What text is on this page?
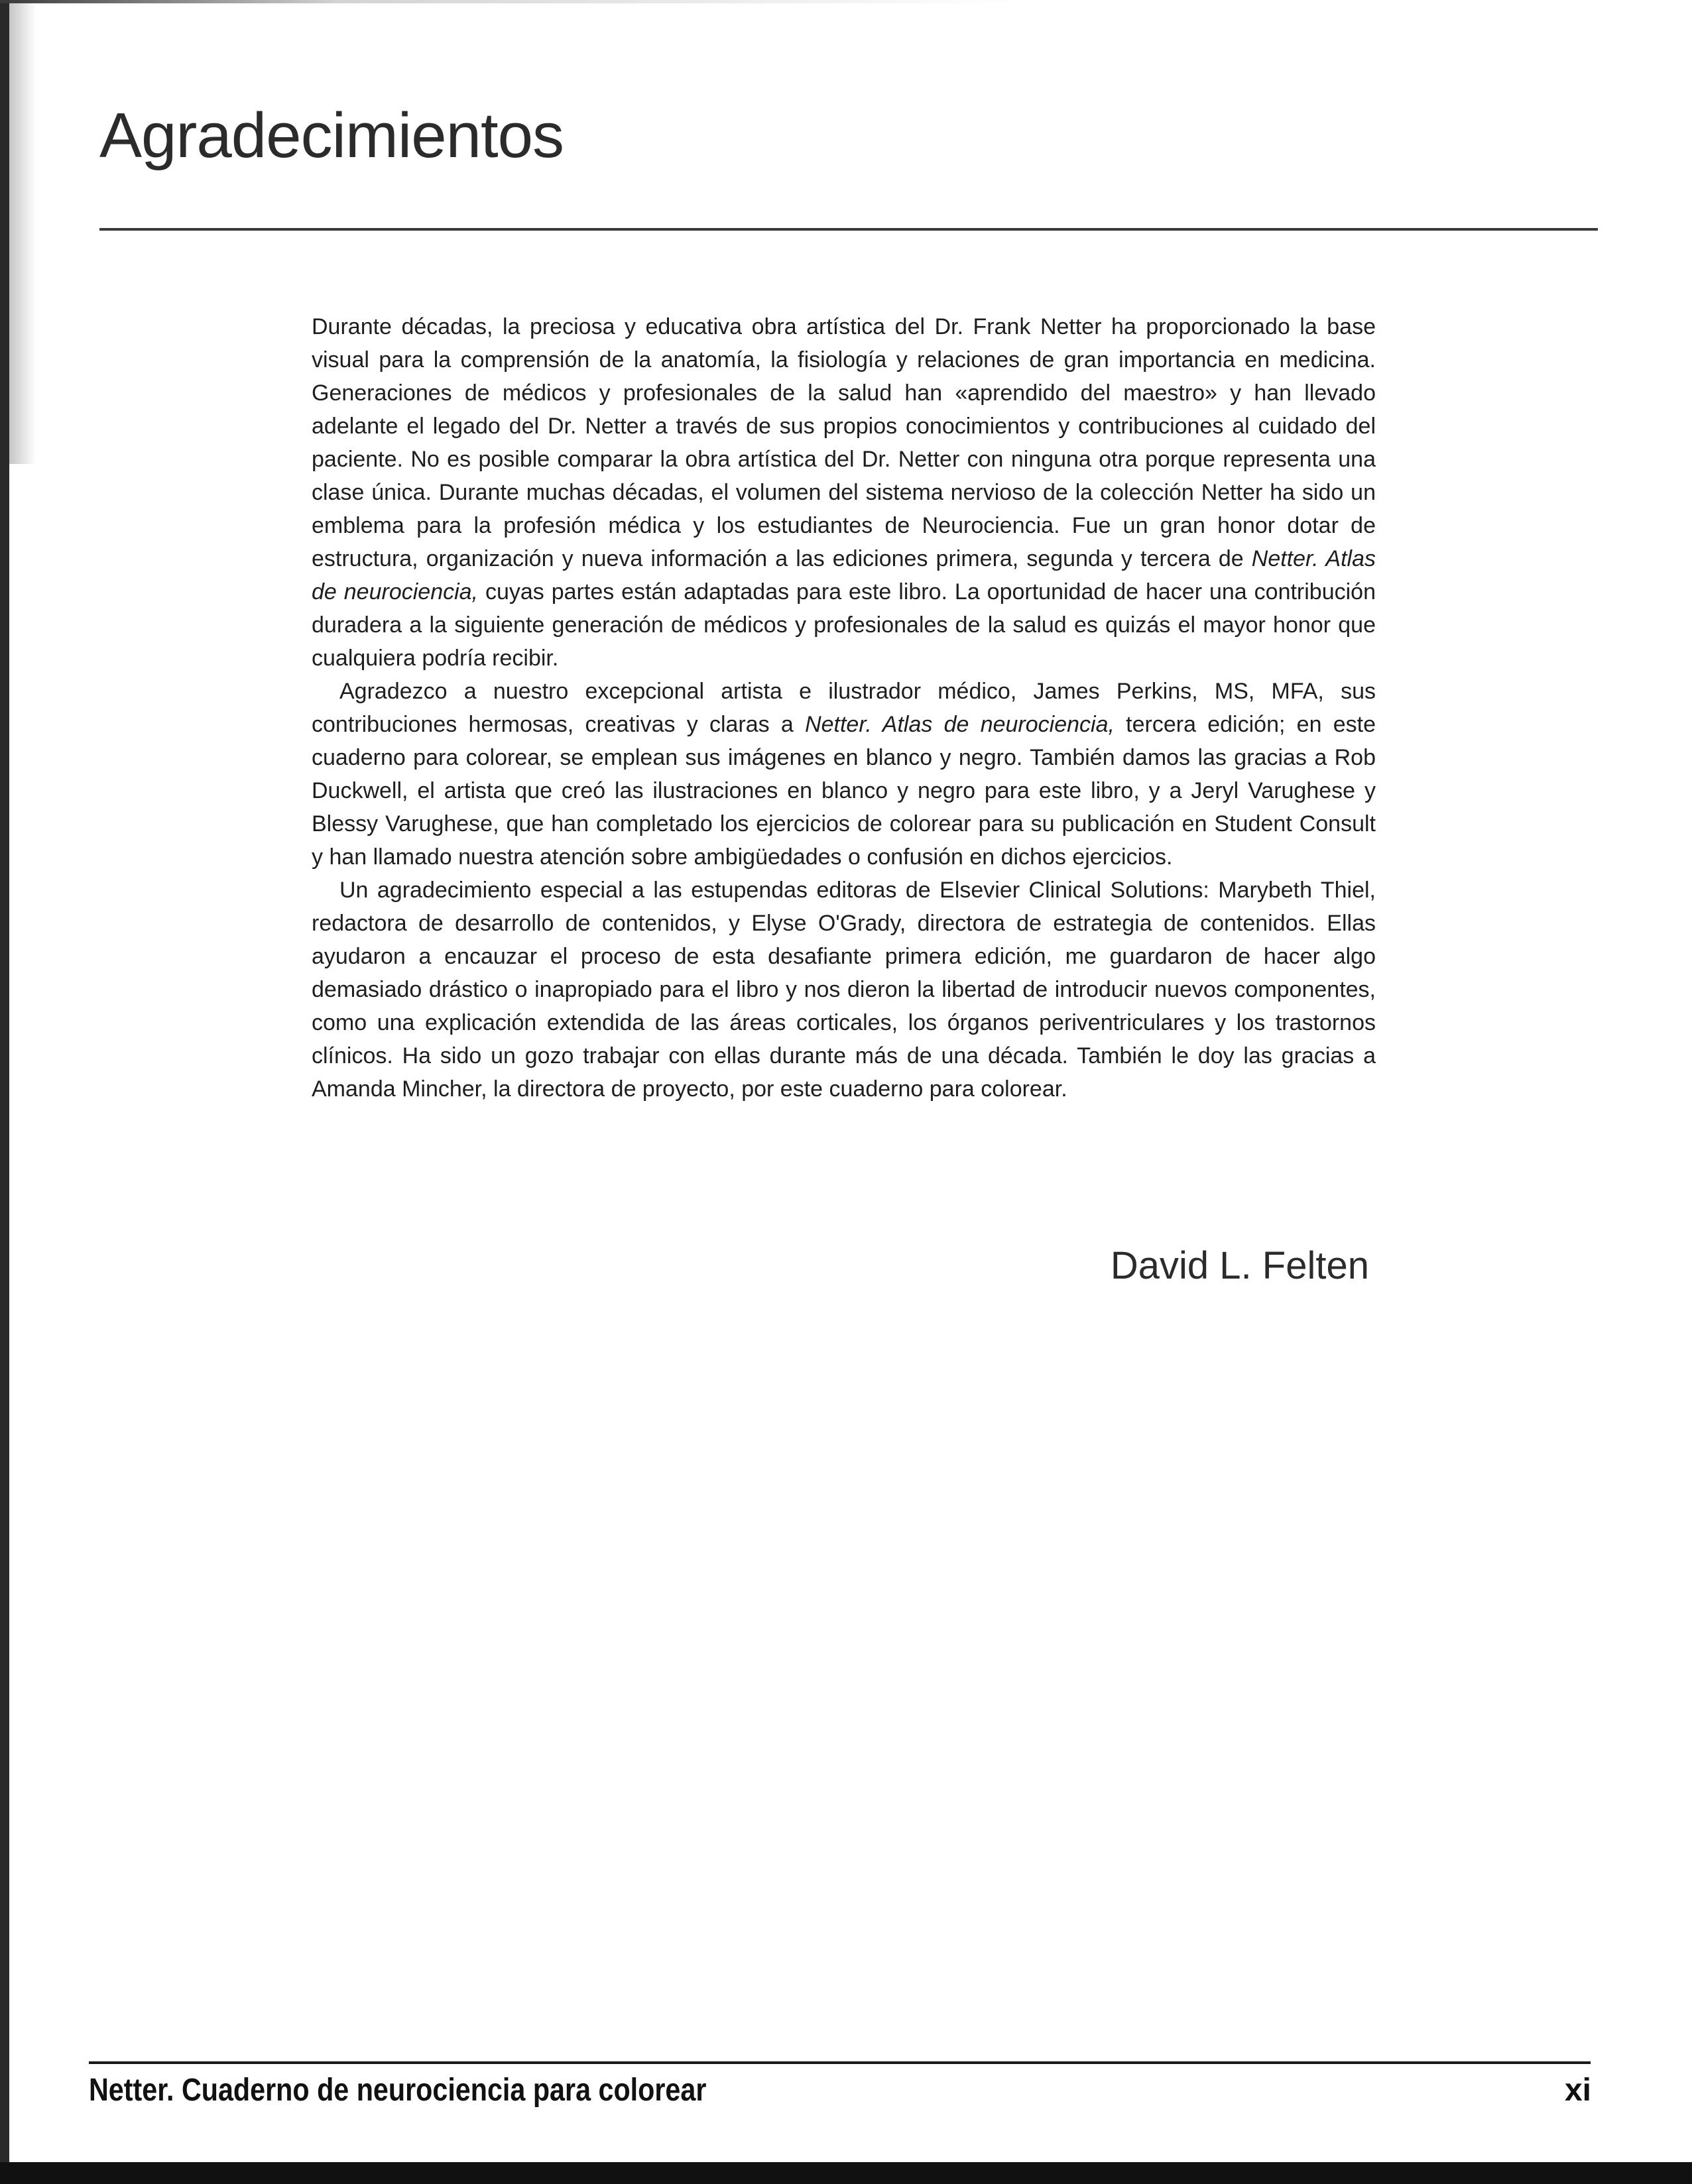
Agradecimientos

Durante décadas, la preciosa y educativa obra artística del Dr. Frank Netter ha proporcionado la base visual para la comprensión de la anatomía, la fisiología y relaciones de gran importancia en medicina. Generaciones de médicos y profesionales de la salud han «aprendido del maestro» y han llevado adelante el legado del Dr. Netter a través de sus propios conocimientos y contribuciones al cuidado del paciente. No es posible comparar la obra artística del Dr. Netter con ninguna otra porque representa una clase única. Durante muchas décadas, el volumen del sistema nervioso de la colección Netter ha sido un emblema para la profesión médica y los estudiantes de Neurociencia. Fue un gran honor dotar de estructura, organización y nueva información a las ediciones primera, segunda y tercera de Netter. Atlas de neurociencia, cuyas partes están adaptadas para este libro. La oportunidad de hacer una contribución duradera a la siguiente generación de médicos y profesionales de la salud es quizás el mayor honor que cualquiera podría recibir.

Agradezco a nuestro excepcional artista e ilustrador médico, James Perkins, MS, MFA, sus contribuciones hermosas, creativas y claras a Netter. Atlas de neurociencia, tercera edición; en este cuaderno para colorear, se emplean sus imágenes en blanco y negro. También damos las gracias a Rob Duckwell, el artista que creó las ilustraciones en blanco y negro para este libro, y a Jeryl Varughese y Blessy Varughese, que han completado los ejercicios de colorear para su publicación en Student Consult y han llamado nuestra atención sobre ambigüedades o confusión en dichos ejercicios.

Un agradecimiento especial a las estupendas editoras de Elsevier Clinical Solutions: Marybeth Thiel, redactora de desarrollo de contenidos, y Elyse O'Grady, directora de estrategia de contenidos. Ellas ayudaron a encauzar el proceso de esta desafiante primera edición, me guardaron de hacer algo demasiado drástico o inapropiado para el libro y nos dieron la libertad de introducir nuevos componentes, como una explicación extendida de las áreas corticales, los órganos periventriculares y los trastornos clínicos. Ha sido un gozo trabajar con ellas durante más de una década. También le doy las gracias a Amanda Mincher, la directora de proyecto, por este cuaderno para colorear.

David L. Felten
Netter. Cuaderno de neurociencia para colorear	xi
